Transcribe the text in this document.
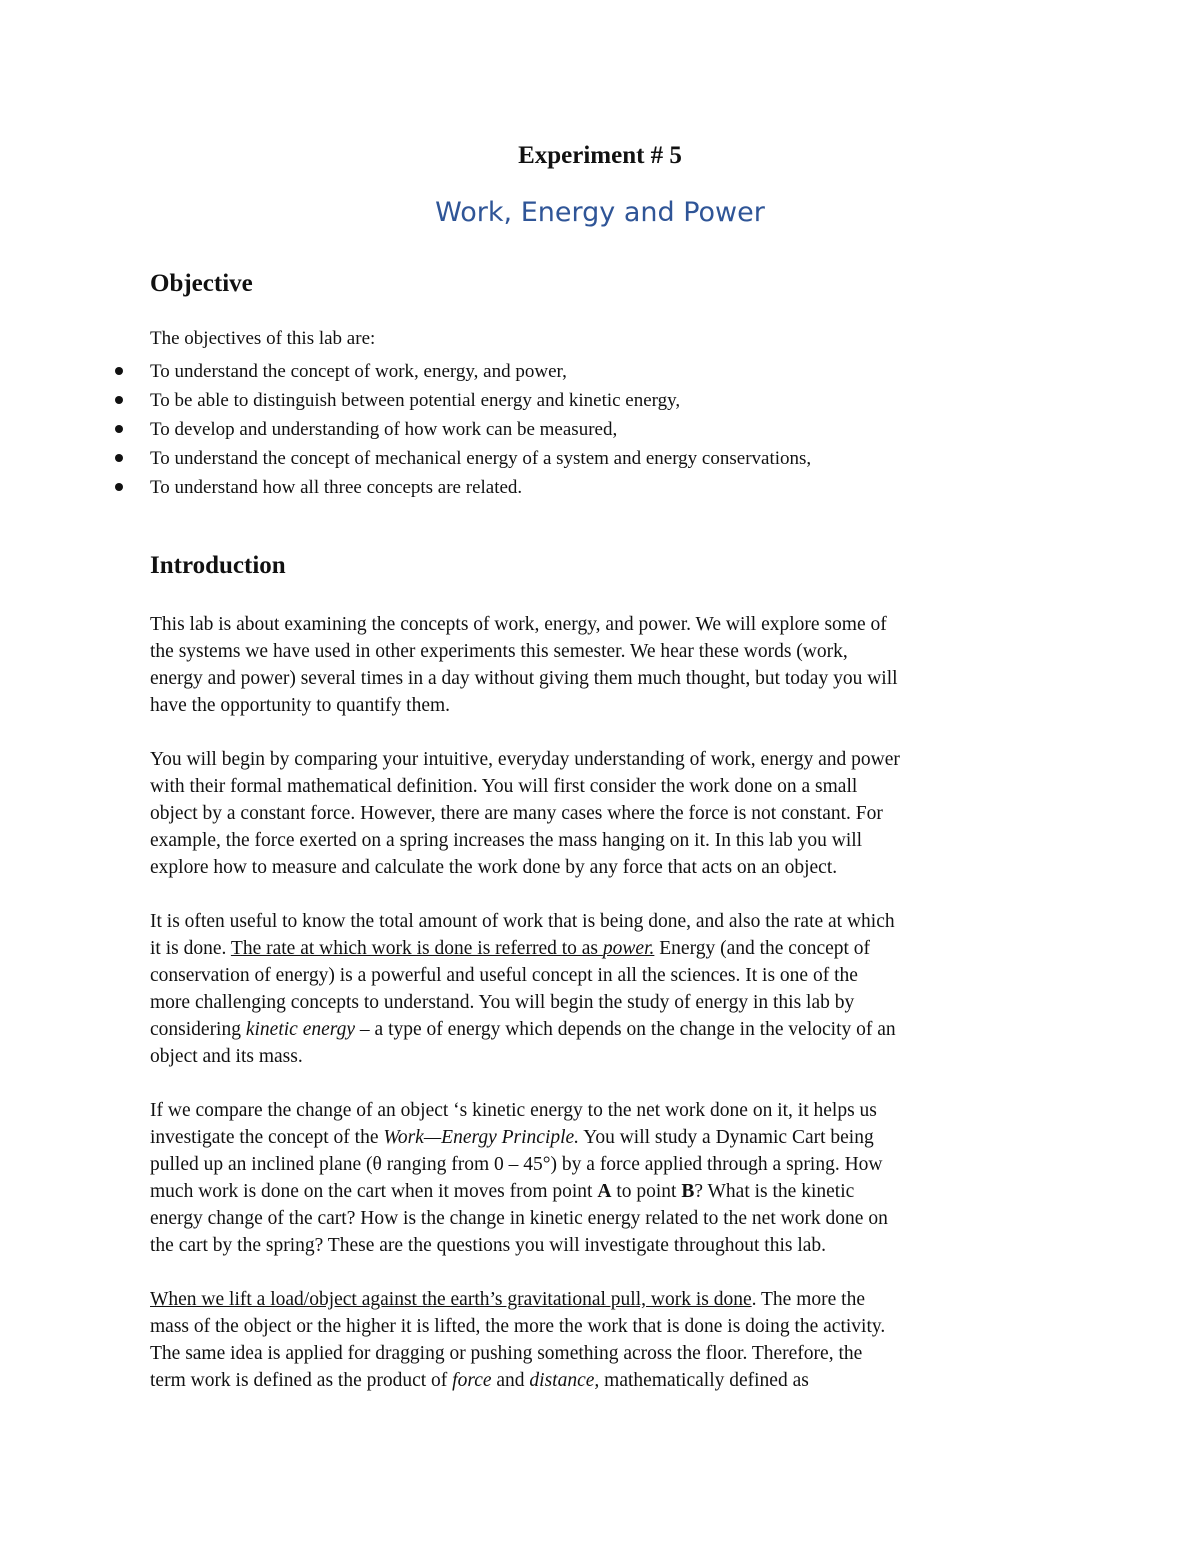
Experiment # 5
Work, Energy and Power
Objective
The objectives of this lab are:
To understand the concept of work, energy, and power,
To be able to distinguish between potential energy and kinetic energy,
To develop and understanding of how work can be measured,
To understand the concept of mechanical energy of a system and energy conservations,
To understand how all three concepts are related.
Introduction

This lab is about examining the concepts of work, energy, and power. We will explore some of
the systems we have used in other experiments this semester. We hear these words (work,
energy and power) several times in a day without giving them much thought, but today you will
have the opportunity to quantify them.

You will begin by comparing your intuitive, everyday understanding of work, energy and power
with their formal mathematical definition. You will first consider the work done on a small
object by a constant force. However, there are many cases where the force is not constant. For
example, the force exerted on a spring increases the mass hanging on it. In this lab you will
explore how to measure and calculate the work done by any force that acts on an object.

It is often useful to know the total amount of work that is being done, and also the rate at which
it is done. The rate at which work is done is referred to as power. Energy (and the concept of
conservation of energy) is a powerful and useful concept in all the sciences. It is one of the
more challenging concepts to understand. You will begin the study of energy in this lab by
considering kinetic energy – a type of energy which depends on the change in the velocity of an
object and its mass.

If we compare the change of an object ‘s kinetic energy to the net work done on it, it helps us
investigate the concept of the Work—Energy Principle. You will study a Dynamic Cart being
pulled up an inclined plane (θ ranging from 0 – 45°) by a force applied through a spring. How
much work is done on the cart when it moves from point A to point B? What is the kinetic
energy change of the cart? How is the change in kinetic energy related to the net work done on
the cart by the spring? These are the questions you will investigate throughout this lab.

When we lift a load/object against the earth’s gravitational pull, work is done. The more the
mass of the object or the higher it is lifted, the more the work that is done is doing the activity.
The same idea is applied for dragging or pushing something across the floor. Therefore, the
term work is defined as the product of force and distance, mathematically defined as
